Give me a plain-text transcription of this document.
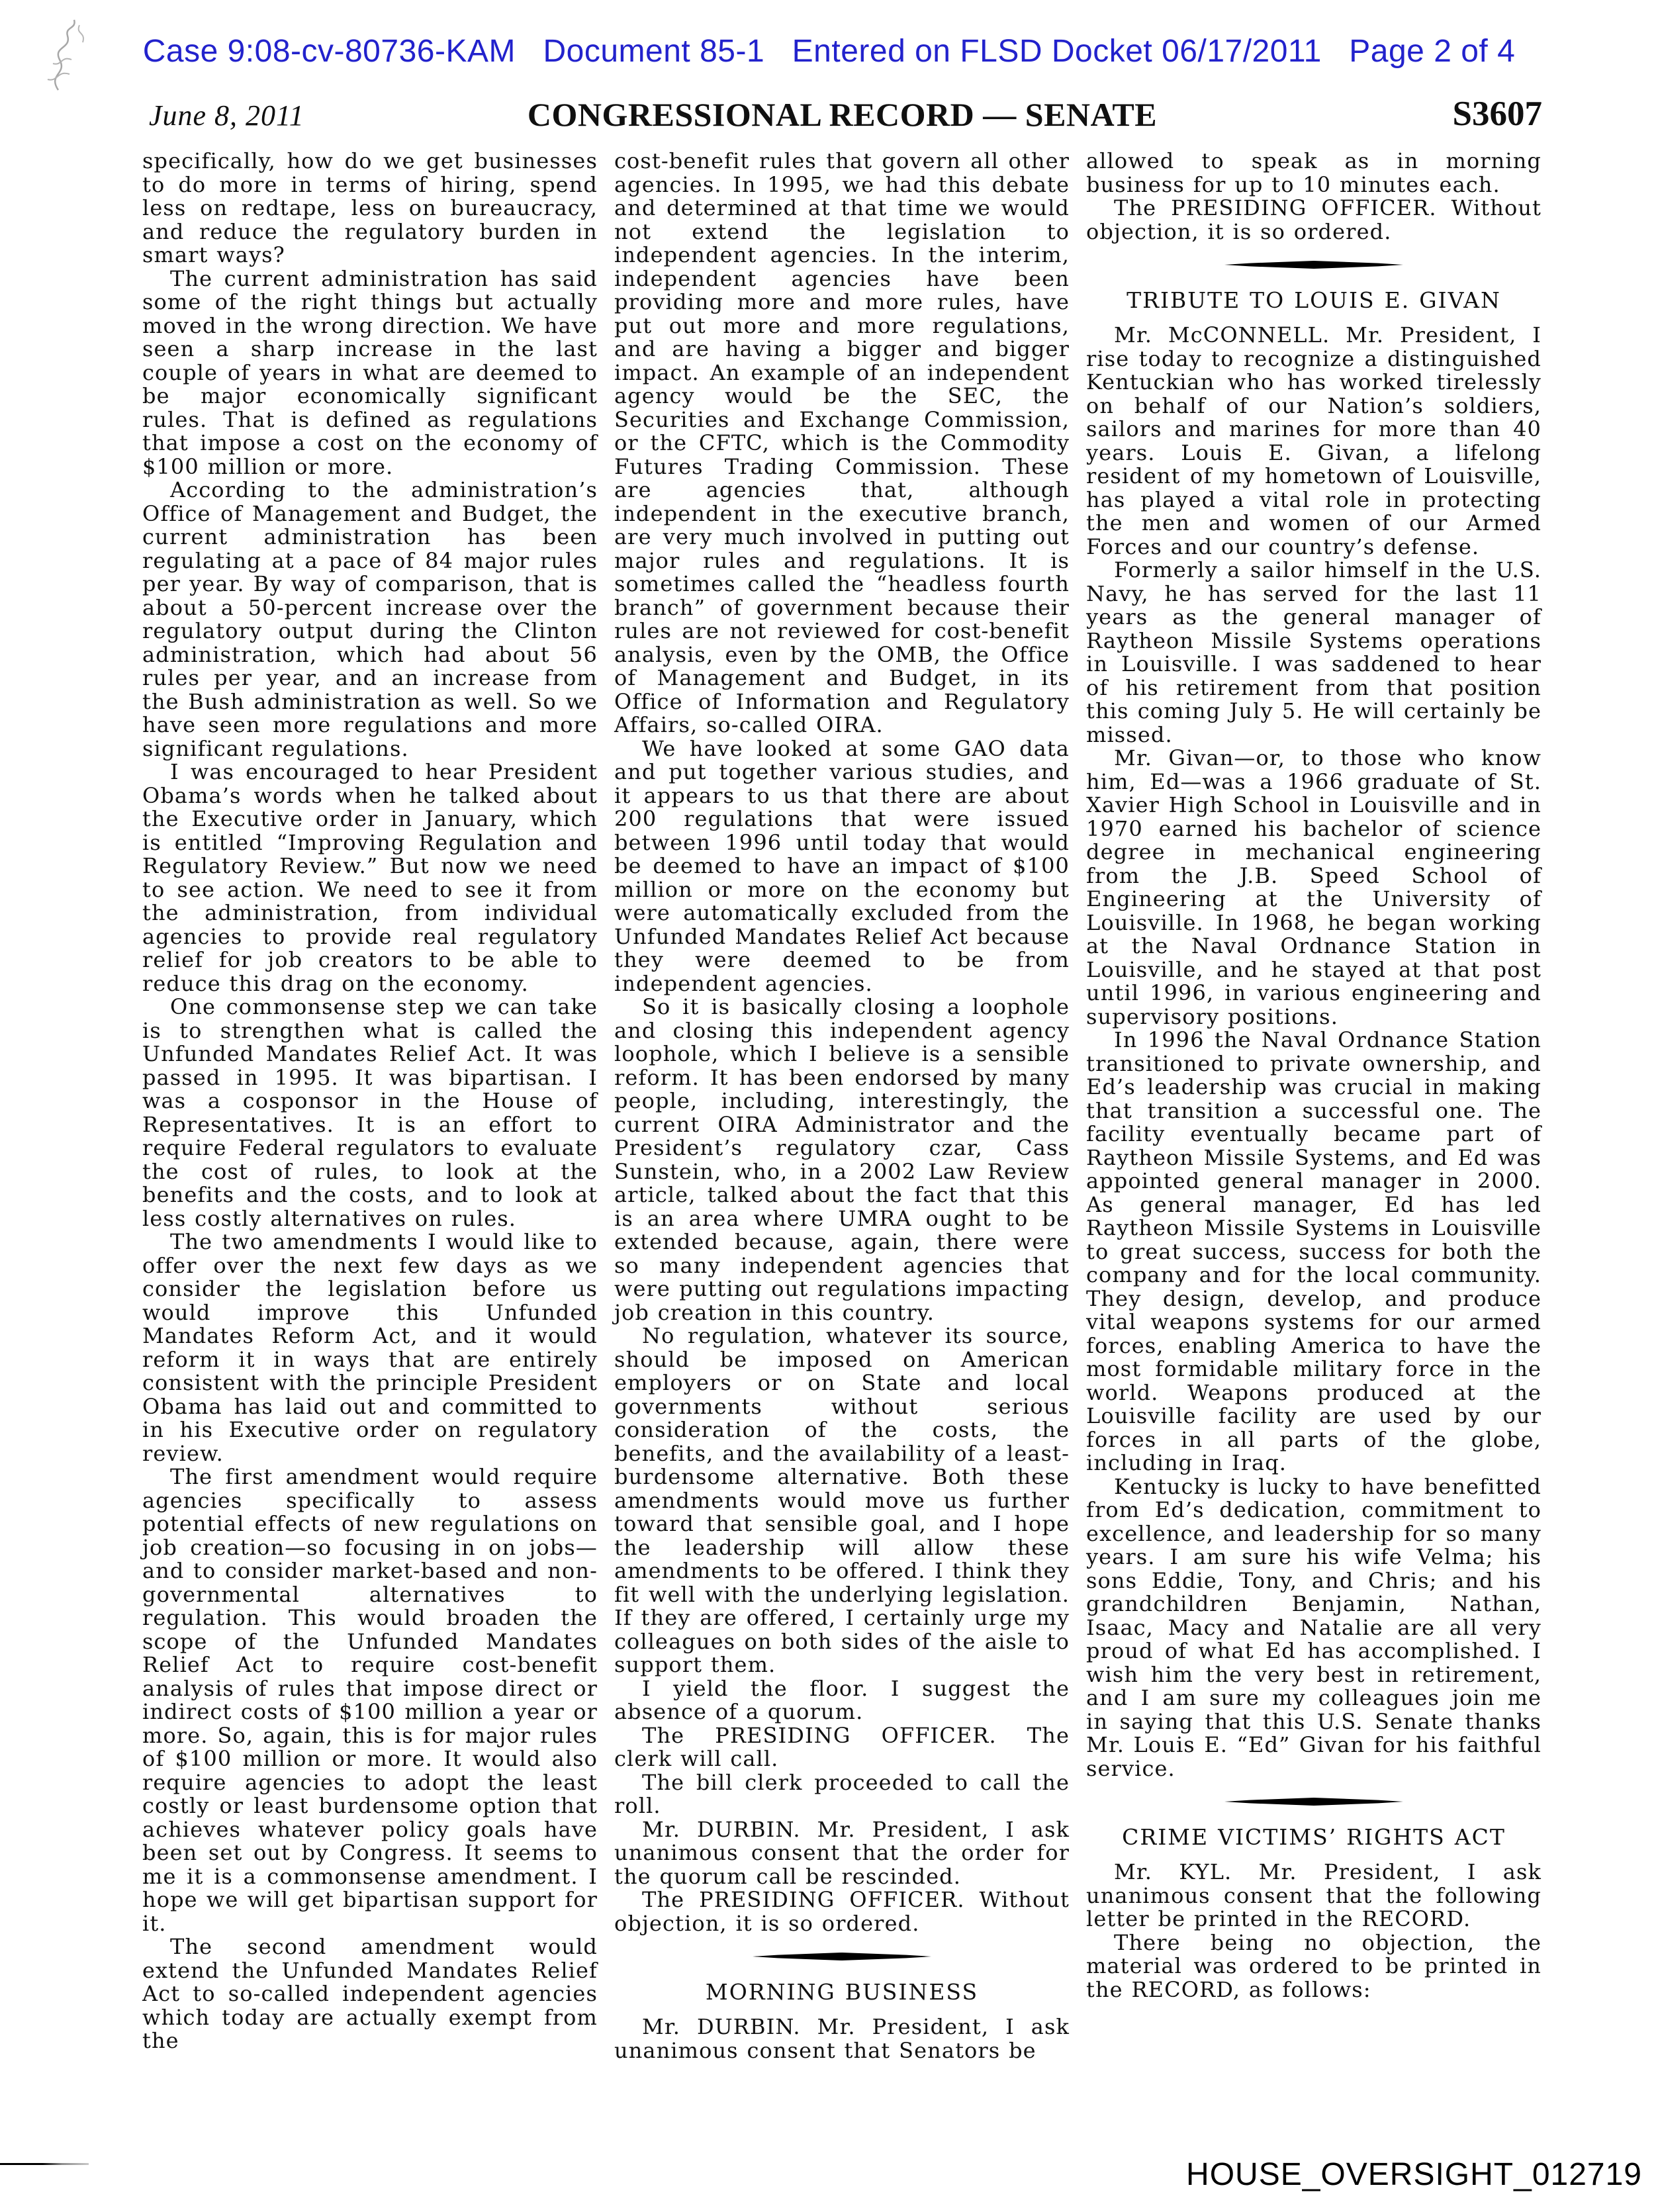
Case 9:08-cv-80736-KAM   Document 85-1   Entered on FLSD Docket 06/17/2011   Page 2 of 4
June 8, 2011	CONGRESSIONAL RECORD — SENATE	S3607

specifically, how do we get businesses to do more in terms of hiring, spend less on redtape, less on bureaucracy, and reduce the regulatory burden in smart ways?

The current administration has said some of the right things but actually moved in the wrong direction. We have seen a sharp increase in the last couple of years in what are deemed to be major economically significant rules. That is defined as regulations that impose a cost on the economy of $100 million or more.

According to the administration’s Office of Management and Budget, the current administration has been regulating at a pace of 84 major rules per year. By way of comparison, that is about a 50-percent increase over the regulatory output during the Clinton administration, which had about 56 rules per year, and an increase from the Bush administration as well. So we have seen more regulations and more significant regulations.

I was encouraged to hear President Obama’s words when he talked about the Executive order in January, which is entitled “Improving Regulation and Regulatory Review.” But now we need to see action. We need to see it from the administration, from individual agencies to provide real regulatory relief for job creators to be able to reduce this drag on the economy.

One commonsense step we can take is to strengthen what is called the Unfunded Mandates Relief Act. It was passed in 1995. It was bipartisan. I was a cosponsor in the House of Representatives. It is an effort to require Federal regulators to evaluate the cost of rules, to look at the benefits and the costs, and to look at less costly alternatives on rules.

The two amendments I would like to offer over the next few days as we consider the legislation before us would improve this Unfunded Mandates Reform Act, and it would reform it in ways that are entirely consistent with the principle President Obama has laid out and committed to in his Executive order on regulatory review.

The first amendment would require agencies specifically to assess potential effects of new regulations on job creation—so focusing in on jobs—and to consider market-based and non-governmental alternatives to regulation. This would broaden the scope of the Unfunded Mandates Relief Act to require cost-benefit analysis of rules that impose direct or indirect costs of $100 million a year or more. So, again, this is for major rules of $100 million or more. It would also require agencies to adopt the least costly or least burdensome option that achieves whatever policy goals have been set out by Congress. It seems to me it is a commonsense amendment. I hope we will get bipartisan support for it.

The second amendment would extend the Unfunded Mandates Relief Act to so-called independent agencies which today are actually exempt from the

cost-benefit rules that govern all other agencies. In 1995, we had this debate and determined at that time we would not extend the legislation to independent agencies. In the interim, independent agencies have been providing more and more rules, have put out more and more regulations, and are having a bigger and bigger impact. An example of an independent agency would be the SEC, the Securities and Exchange Commission, or the CFTC, which is the Commodity Futures Trading Commission. These are agencies that, although independent in the executive branch, are very much involved in putting out major rules and regulations. It is sometimes called the “headless fourth branch” of government because their rules are not reviewed for cost-benefit analysis, even by the OMB, the Office of Management and Budget, in its Office of Information and Regulatory Affairs, so-called OIRA.

We have looked at some GAO data and put together various studies, and it appears to us that there are about 200 regulations that were issued between 1996 until today that would be deemed to have an impact of $100 million or more on the economy but were automatically excluded from the Unfunded Mandates Relief Act because they were deemed to be from independent agencies.

So it is basically closing a loophole and closing this independent agency loophole, which I believe is a sensible reform. It has been endorsed by many people, including, interestingly, the current OIRA Administrator and the President’s regulatory czar, Cass Sunstein, who, in a 2002 Law Review article, talked about the fact that this is an area where UMRA ought to be extended because, again, there were so many independent agencies that were putting out regulations impacting job creation in this country.

No regulation, whatever its source, should be imposed on American employers or on State and local governments without serious consideration of the costs, the benefits, and the availability of a least-burdensome alternative. Both these amendments would move us further toward that sensible goal, and I hope the leadership will allow these amendments to be offered. I think they fit well with the underlying legislation. If they are offered, I certainly urge my colleagues on both sides of the aisle to support them.

I yield the floor. I suggest the absence of a quorum.

The PRESIDING OFFICER. The clerk will call.

The bill clerk proceeded to call the roll.

Mr. DURBIN. Mr. President, I ask unanimous consent that the order for the quorum call be rescinded.

The PRESIDING OFFICER. Without objection, it is so ordered.

MORNING BUSINESS

Mr. DURBIN. Mr. President, I ask unanimous consent that Senators be

allowed to speak as in morning business for up to 10 minutes each.

The PRESIDING OFFICER. Without objection, it is so ordered.

TRIBUTE TO LOUIS E. GIVAN

Mr. McCONNELL. Mr. President, I rise today to recognize a distinguished Kentuckian who has worked tirelessly on behalf of our Nation’s soldiers, sailors and marines for more than 40 years. Louis E. Givan, a lifelong resident of my hometown of Louisville, has played a vital role in protecting the men and women of our Armed Forces and our country’s defense.

Formerly a sailor himself in the U.S. Navy, he has served for the last 11 years as the general manager of Raytheon Missile Systems operations in Louisville. I was saddened to hear of his retirement from that position this coming July 5. He will certainly be missed.

Mr. Givan—or, to those who know him, Ed—was a 1966 graduate of St. Xavier High School in Louisville and in 1970 earned his bachelor of science degree in mechanical engineering from the J.B. Speed School of Engineering at the University of Louisville. In 1968, he began working at the Naval Ordnance Station in Louisville, and he stayed at that post until 1996, in various engineering and supervisory positions.

In 1996 the Naval Ordnance Station transitioned to private ownership, and Ed’s leadership was crucial in making that transition a successful one. The facility eventually became part of Raytheon Missile Systems, and Ed was appointed general manager in 2000. As general manager, Ed has led Raytheon Missile Systems in Louisville to great success, success for both the company and for the local community. They design, develop, and produce vital weapons systems for our armed forces, enabling America to have the most formidable military force in the world. Weapons produced at the Louisville facility are used by our forces in all parts of the globe, including in Iraq.

Kentucky is lucky to have benefitted from Ed’s dedication, commitment to excellence, and leadership for so many years. I am sure his wife Velma; his sons Eddie, Tony, and Chris; and his grandchildren Benjamin, Nathan, Isaac, Macy and Natalie are all very proud of what Ed has accomplished. I wish him the very best in retirement, and I am sure my colleagues join me in saying that this U.S. Senate thanks Mr. Louis E. “Ed” Givan for his faithful service.

CRIME VICTIMS’ RIGHTS ACT

Mr. KYL. Mr. President, I ask unanimous consent that the following letter be printed in the RECORD.

There being no objection, the material was ordered to be printed in the RECORD, as follows:

HOUSE_OVERSIGHT_012719
